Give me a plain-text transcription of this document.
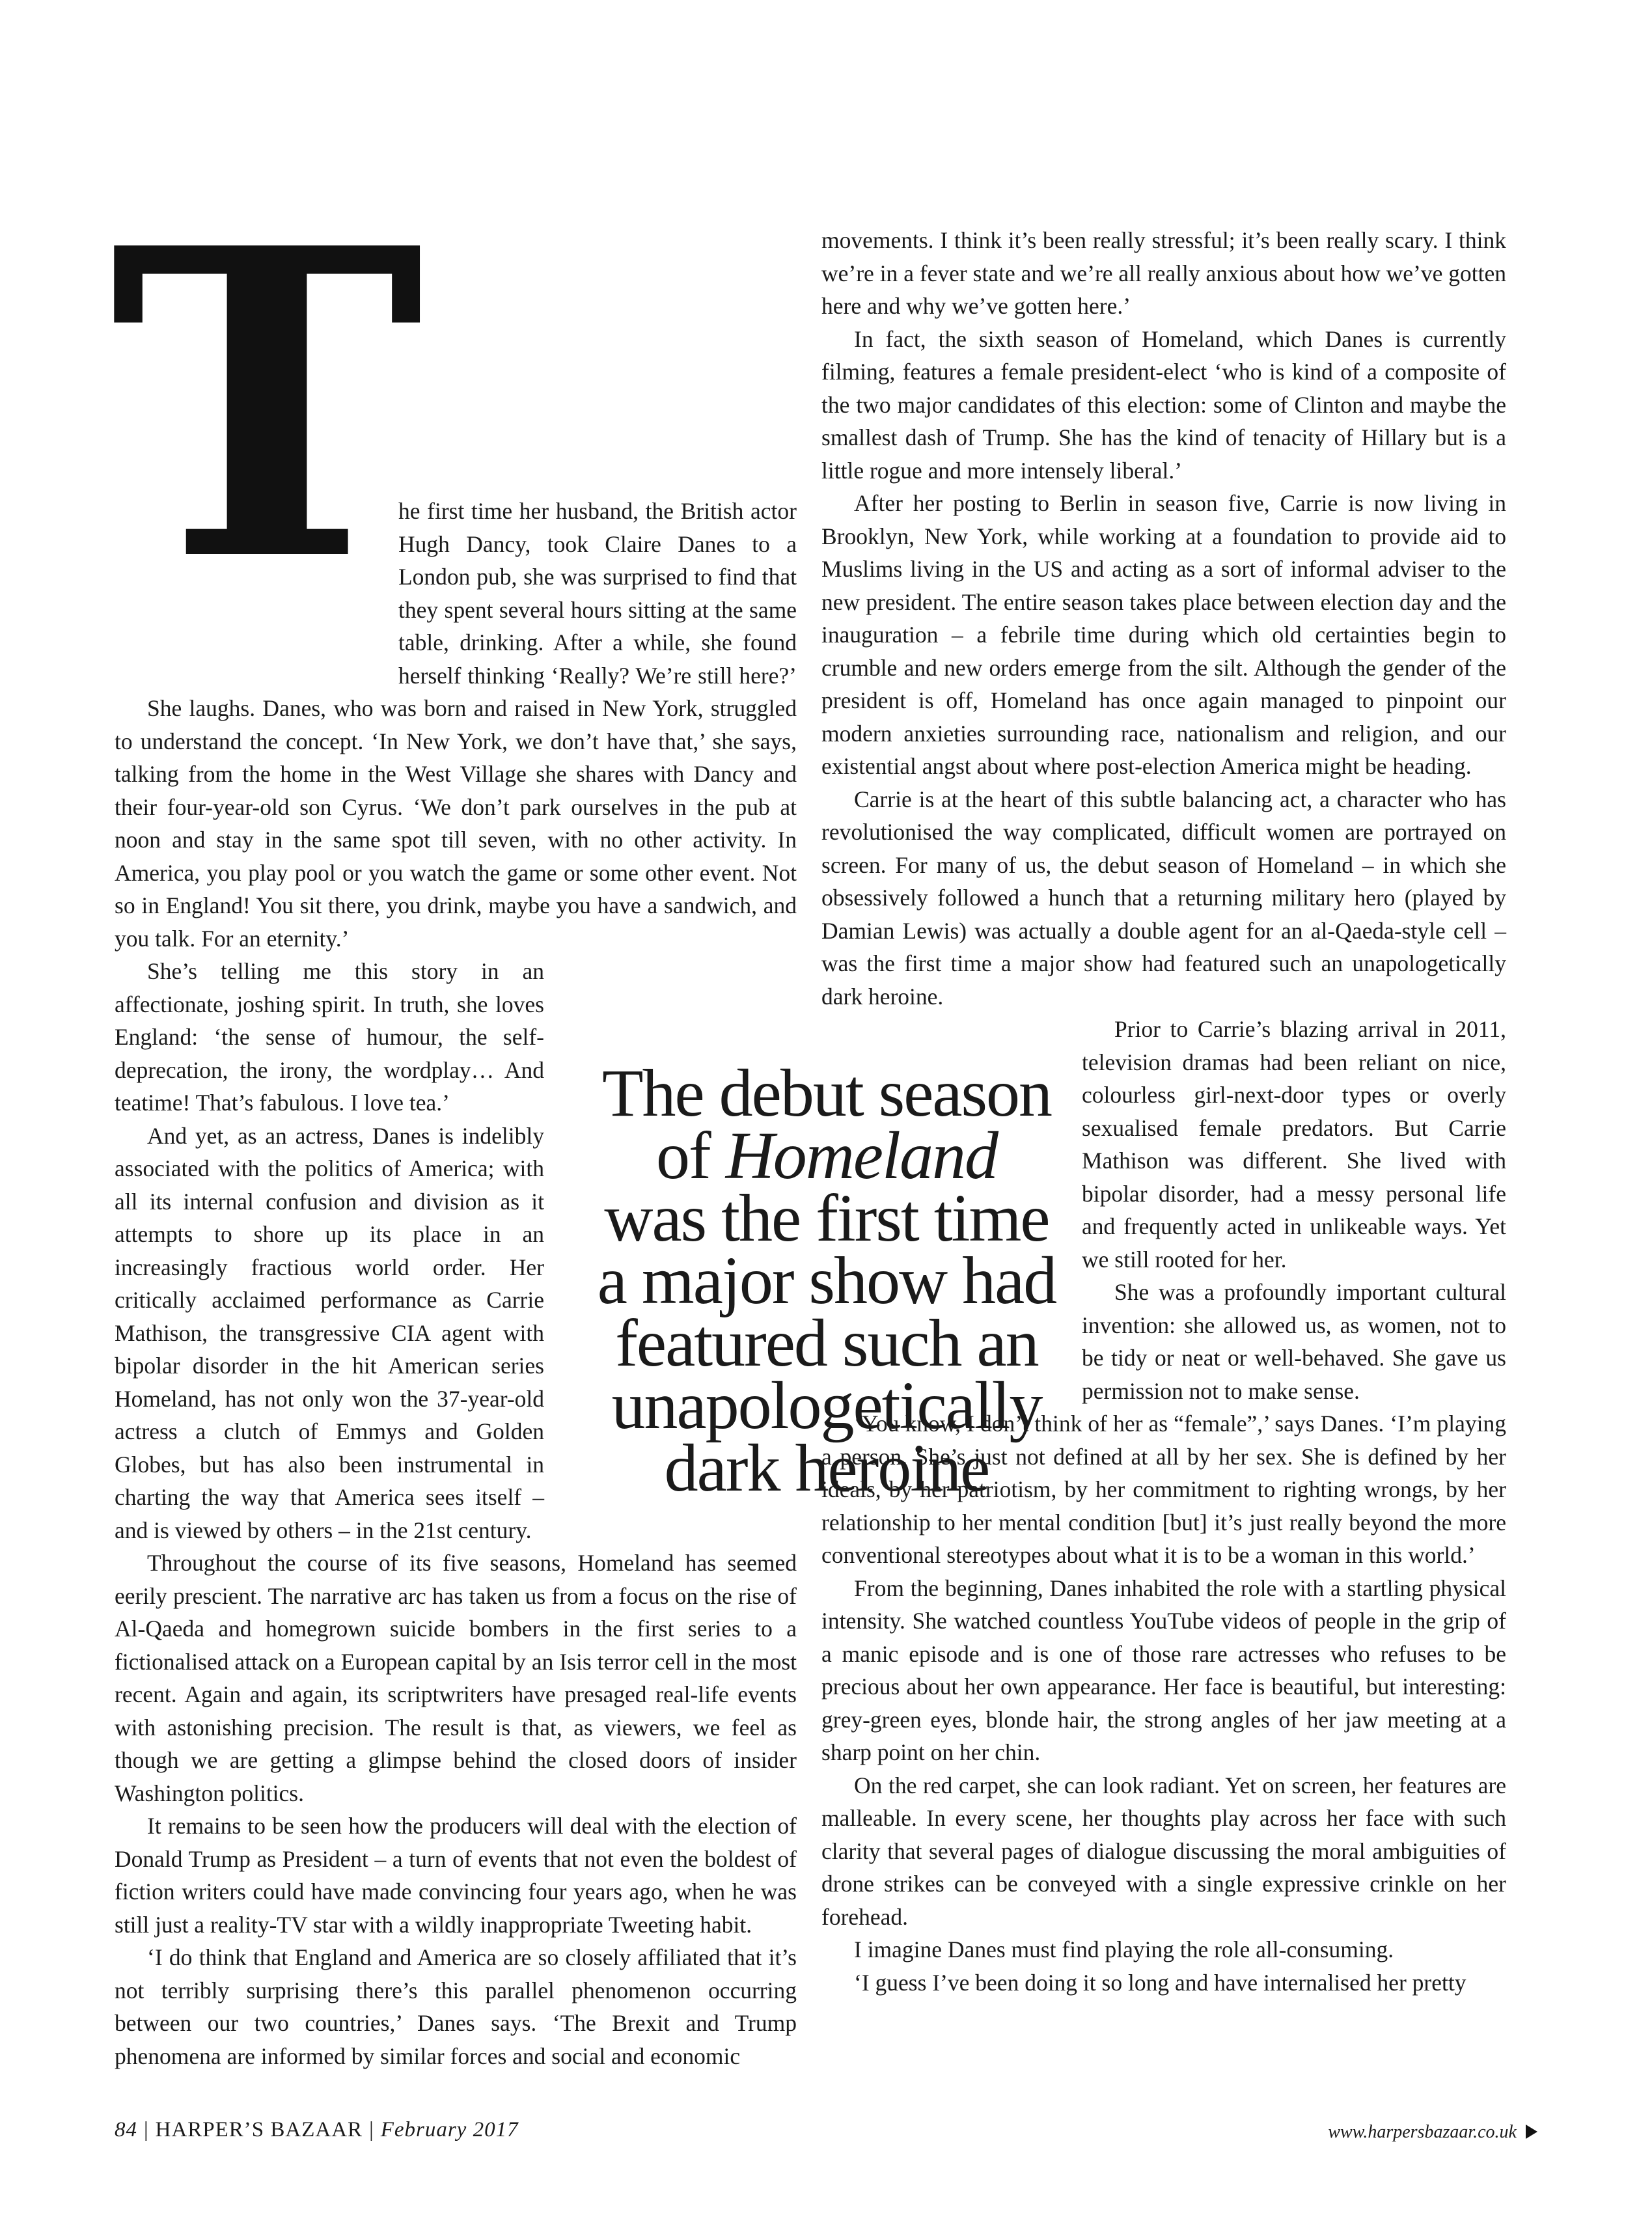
T

he first time her husband, the British actor Hugh Dancy, took Claire Danes to a London pub, she was surprised to find that they spent several hours sitting at the same table, drinking. After a while, she found herself thinking ‘Really? We’re still here?’

She laughs. Danes, who was born and raised in New York, struggled to understand the concept. ‘In New York, we don’t have that,’ she says, talking from the home in the West Village she shares with Dancy and their four-year-old son Cyrus. ‘We don’t park ourselves in the pub at noon and stay in the same spot till seven, with no other activity. In America, you play pool or you watch the game or some other event. Not so in England! You sit there, you drink, maybe you have a sandwich, and you talk. For an eternity.’

She’s telling me this story in an affectionate, joshing spirit. In truth, she loves England: ‘the sense of humour, the self-deprecation, the irony, the wordplay… And teatime! That’s fabulous. I love tea.’

And yet, as an actress, Danes is indelibly associated with the politics of America; with all its internal confusion and division as it attempts to shore up its place in an increasingly fractious world order. Her critically acclaimed performance as Carrie Mathison, the transgressive CIA agent with bipolar disorder in the hit American series Homeland, has not only won the 37-year-old actress a clutch of Emmys and Golden Globes, but has also been instrumental in charting the way that America sees itself – and is viewed by others – in the 21st century.

Throughout the course of its five seasons, Homeland has seemed eerily prescient. The narrative arc has taken us from a focus on the rise of Al-Qaeda and homegrown suicide bombers in the first series to a fictionalised attack on a European capital by an Isis terror cell in the most recent. Again and again, its scriptwriters have presaged real-life events with astonishing precision. The result is that, as viewers, we feel as though we are getting a glimpse behind the closed doors of insider Washington politics.

It remains to be seen how the producers will deal with the election of Donald Trump as President – a turn of events that not even the boldest of fiction writers could have made convincing four years ago, when he was still just a reality-TV star with a wildly inappropriate Tweeting habit.

‘I do think that England and America are so closely affiliated that it’s not terribly surprising there’s this parallel phenomenon occurring between our two countries,’ Danes says. ‘The Brexit and Trump phenomena are informed by similar forces and social and economic

The debut season
of Homeland
was the first time
a major show had
featured such an
unapologetically
dark heroine

movements. I think it’s been really stressful; it’s been really scary. I think we’re in a fever state and we’re all really anxious about how we’ve gotten here and why we’ve gotten here.’

In fact, the sixth season of Homeland, which Danes is currently filming, features a female president-elect ‘who is kind of a composite of the two major candidates of this election: some of Clinton and maybe the smallest dash of Trump. She has the kind of tenacity of Hillary but is a little rogue and more intensely liberal.’

After her posting to Berlin in season five, Carrie is now living in Brooklyn, New York, while working at a foundation to provide aid to Muslims living in the US and acting as a sort of informal adviser to the new president. The entire season takes place between election day and the inauguration – a febrile time during which old certainties begin to crumble and new orders emerge from the silt. Although the gender of the president is off, Homeland has once again managed to pinpoint our modern anxieties surrounding race, nationalism and religion, and our existential angst about where post-election America might be heading.

Carrie is at the heart of this subtle balancing act, a character who has revolutionised the way complicated, difficult women are portrayed on screen. For many of us, the debut season of Homeland – in which she obsessively followed a hunch that a returning military hero (played by Damian Lewis) was actually a double agent for an al-Qaeda-style cell – was the first time a major show had featured such an unapologetically dark heroine.

Prior to Carrie’s blazing arrival in 2011, television dramas had been reliant on nice, colourless girl-next-door types or overly sexualised female predators. But Carrie Mathison was different. She lived with bipolar disorder, had a messy personal life and frequently acted in unlikeable ways. Yet we still rooted for her.

She was a profoundly important cultural invention: she allowed us, as women, not to be tidy or neat or well-behaved. She gave us permission not to make sense.

‘You know, I don’t think of her as “female”,’ says Danes. ‘I’m playing a person. She’s just not defined at all by her sex. She is defined by her ideals, by her patriotism, by her commitment to righting wrongs, by her relationship to her mental condition [but] it’s just really beyond the more conventional stereotypes about what it is to be a woman in this world.’

From the beginning, Danes inhabited the role with a startling physical intensity. She watched countless YouTube videos of people in the grip of a manic episode and is one of those rare actresses who refuses to be precious about her own appearance. Her face is beautiful, but interesting: grey-green eyes, blonde hair, the strong angles of her jaw meeting at a sharp point on her chin.

On the red carpet, she can look radiant. Yet on screen, her features are malleable. In every scene, her thoughts play across her face with such clarity that several pages of dialogue discussing the moral ambiguities of drone strikes can be conveyed with a single expressive crinkle on her forehead.

I imagine Danes must find playing the role all-consuming.

‘I guess I’ve been doing it so long and have internalised her pretty

84 | HARPER’S BAZAAR | February 2017	www.harpersbazaar.co.uk
